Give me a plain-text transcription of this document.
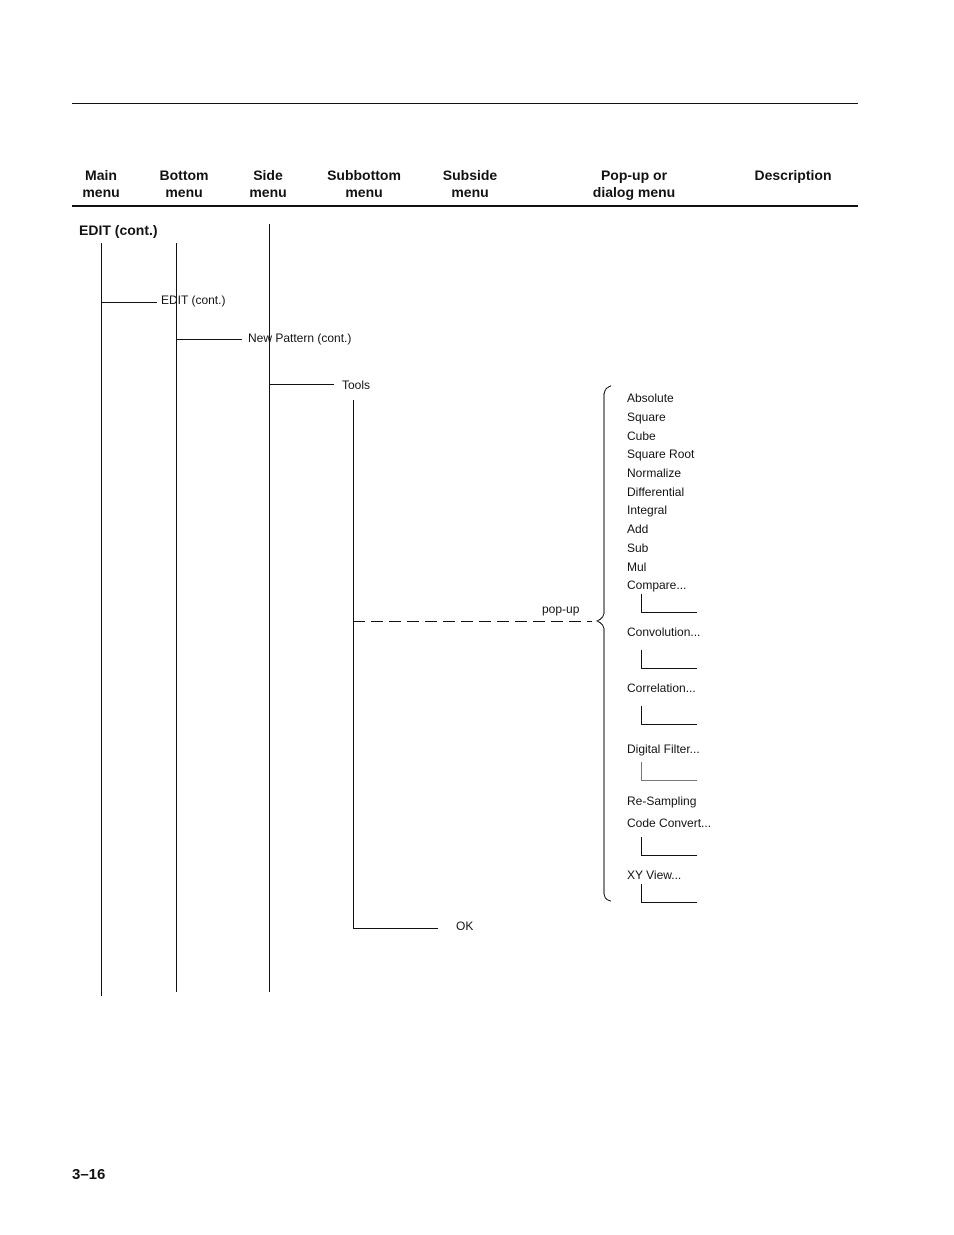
Main
menu
Bottom
menu
Side
menu
Subbottom
menu
Subside
menu
Pop-up or
dialog menu
Description
EDIT (cont.)
EDIT (cont.)
New Pattern (cont.)
Tools
pop-up
OK
Absolute
Square
Cube
Square Root
Normalize
Differential
Integral
Add
Sub
Mul
Compare...
Convolution...
Correlation...
Digital Filter...
Re-Sampling
Code Convert...
XY View...
3–16
